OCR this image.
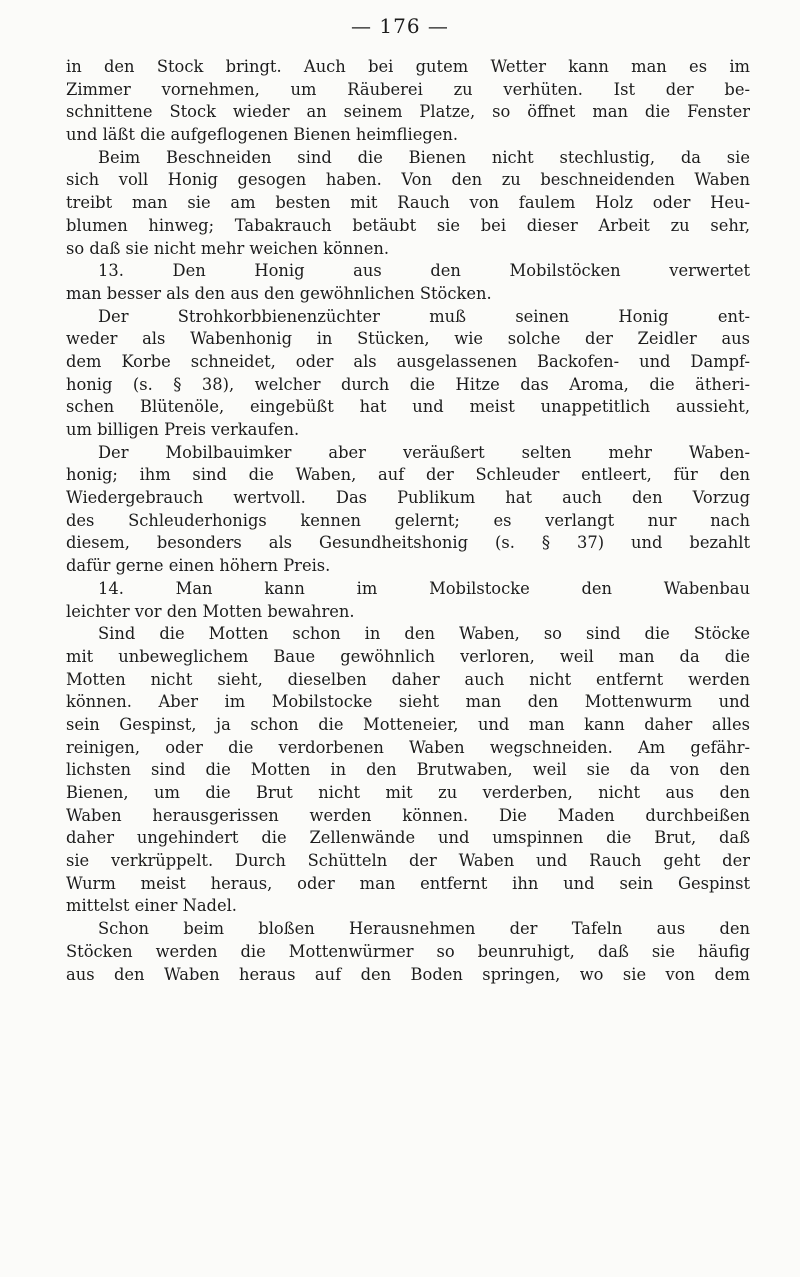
— 176 —
in den Stock bringt. Auch bei gutem Wetter kann man es im
Zimmer vornehmen, um Räuberei zu verhüten. Ist der be-
schnittene Stock wieder an seinem Platze, so öffnet man die Fenster
und läßt die aufgeflogenen Bienen heimfliegen.
Beim Beschneiden sind die Bienen nicht stechlustig, da sie
sich voll Honig gesogen haben. Von den zu beschneidenden Waben
treibt man sie am besten mit Rauch von faulem Holz oder Heu-
blumen hinweg; Tabakrauch betäubt sie bei dieser Arbeit zu sehr,
so daß sie nicht mehr weichen können.
13. Den Honig aus den Mobilstöcken verwertet
man besser als den aus den gewöhnlichen Stöcken.
Der Strohkorbbienenzüchter muß seinen Honig ent-
weder als Wabenhonig in Stücken, wie solche der Zeidler aus
dem Korbe schneidet, oder als ausgelassenen Backofen- und Dampf-
honig (s. § 38), welcher durch die Hitze das Aroma, die ätheri-
schen Blütenöle, eingebüßt hat und meist unappetitlich aussieht,
um billigen Preis verkaufen.
Der Mobilbauimker aber veräußert selten mehr Waben-
honig; ihm sind die Waben, auf der Schleuder entleert, für den
Wiedergebrauch wertvoll. Das Publikum hat auch den Vorzug
des Schleuderhonigs kennen gelernt; es verlangt nur nach
diesem, besonders als Gesundheitshonig (s. § 37) und bezahlt
dafür gerne einen höhern Preis.
14. Man kann im Mobilstocke den Wabenbau
leichter vor den Motten bewahren.
Sind die Motten schon in den Waben, so sind die Stöcke
mit unbeweglichem Baue gewöhnlich verloren, weil man da die
Motten nicht sieht, dieselben daher auch nicht entfernt werden
können. Aber im Mobilstocke sieht man den Mottenwurm und
sein Gespinst, ja schon die Motteneier, und man kann daher alles
reinigen, oder die verdorbenen Waben wegschneiden. Am gefähr-
lichsten sind die Motten in den Brutwaben, weil sie da von den
Bienen, um die Brut nicht mit zu verderben, nicht aus den
Waben herausgerissen werden können. Die Maden durchbeißen
daher ungehindert die Zellenwände und umspinnen die Brut, daß
sie verkrüppelt. Durch Schütteln der Waben und Rauch geht der
Wurm meist heraus, oder man entfernt ihn und sein Gespinst
mittelst einer Nadel.
Schon beim bloßen Herausnehmen der Tafeln aus den
Stöcken werden die Mottenwürmer so beunruhigt, daß sie häufig
aus den Waben heraus auf den Boden springen, wo sie von dem
